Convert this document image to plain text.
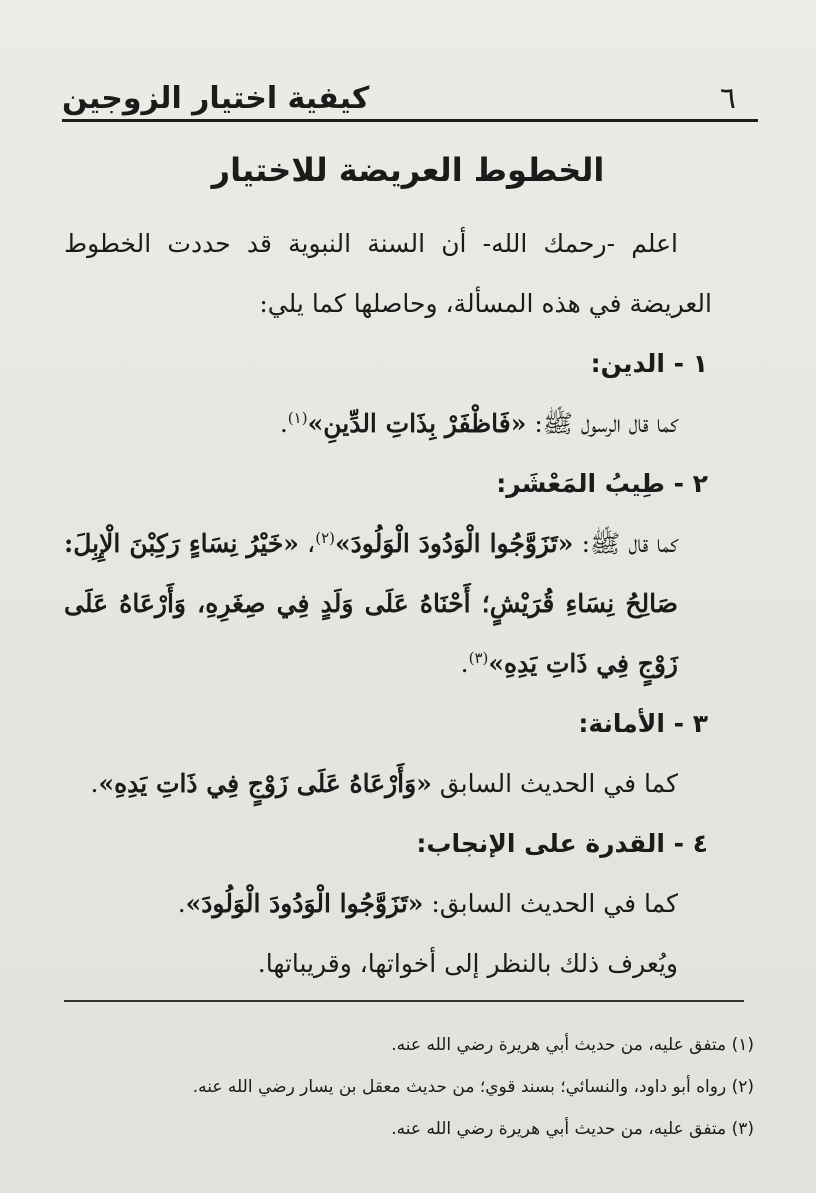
٦
كيفية اختيار الزوجين
الخطوط العريضة للاختيار

اعلم -رحمك الله- أن السنة النبوية قد حددت الخطوط العريضة في هذه المسألة، وحاصلها كما يلي:

١ - الدين:

كما قال الرسول ﷺ: «فَاظْفَرْ بِذَاتِ الدِّينِ»$^{(١)}$.

٢ - طِيبُ المَعْشَر:

كما قال ﷺ: «تَزَوَّجُوا الْوَدُودَ الْوَلُودَ»$^{(٢)}$، «خَيْرُ نِسَاءٍ رَكِبْنَ الْإِبِلَ: صَالِحُ نِسَاءِ قُرَيْشٍ؛ أَحْنَاهُ عَلَى وَلَدٍ فِي صِغَرِهِ، وَأَرْعَاهُ عَلَى زَوْجٍ فِي ذَاتِ يَدِهِ»$^{(٣)}$.

٣ - الأمانة:

كما في الحديث السابق «وَأَرْعَاهُ عَلَى زَوْجٍ فِي ذَاتِ يَدِهِ».

٤ - القدرة على الإنجاب:

كما في الحديث السابق: «تَزَوَّجُوا الْوَدُودَ الْوَلُودَ».

ويُعرف ذلك بالنظر إلى أخواتها، وقريباتها.

(١) متفق عليه، من حديث أبي هريرة رضي الله عنه.

(٢) رواه أبو داود، والنسائي؛ بسند قوي؛ من حديث معقل بن يسار رضي الله عنه.

(٣) متفق عليه، من حديث أبي هريرة رضي الله عنه.
